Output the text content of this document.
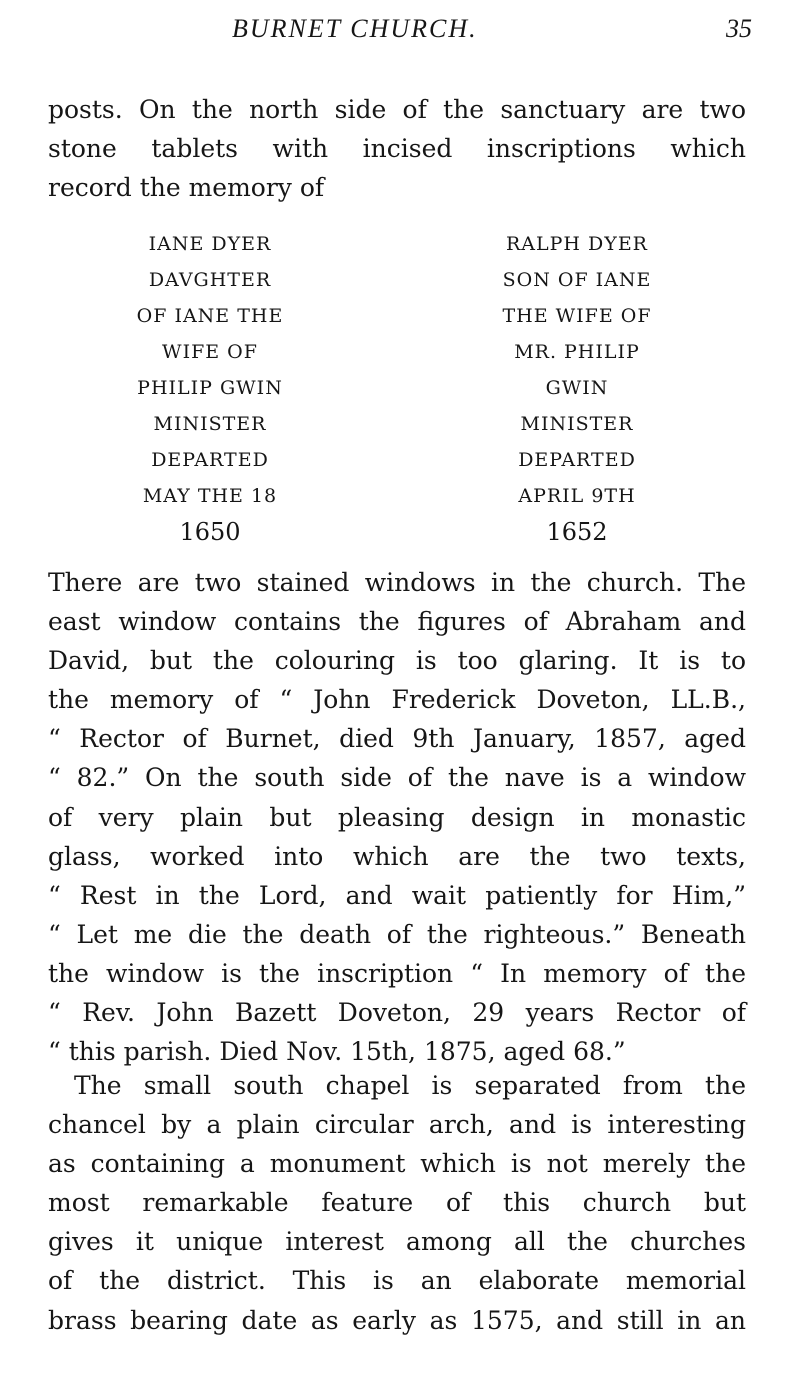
BURNET CHURCH.	35
posts. On the north side of the sanctuary are two
stone tablets with incised inscriptions which
record the memory of
IANE DYER
DAVGHTER
OF IANE THE
WIFE OF
PHILIP GWIN
MINISTER
DEPARTED
MAY THE 18
1650
RALPH DYER
SON OF IANE
THE WIFE OF
MR. PHILIP
GWIN
MINISTER
DEPARTED
APRIL 9TH
1652
There are two stained windows in the church. The
east window contains the figures of Abraham and
David, but the colouring is too glaring. It is to
the memory of “ John Frederick Doveton, LL.B.,
“ Rector of Burnet, died 9th January, 1857, aged
“ 82.” On the south side of the nave is a window
of very plain but pleasing design in monastic
glass, worked into which are the two texts,
“ Rest in the Lord, and wait patiently for Him,”
“ Let me die the death of the righteous.” Beneath
the window is the inscription “ In memory of the
“ Rev. John Bazett Doveton, 29 years Rector of
“ this parish. Died Nov. 15th, 1875, aged 68.”
The small south chapel is separated from the
chancel by a plain circular arch, and is interesting
as containing a monument which is not merely the
most remarkable feature of this church but
gives it unique interest among all the churches
of the district. This is an elaborate memorial
brass bearing date as early as 1575, and still in an
